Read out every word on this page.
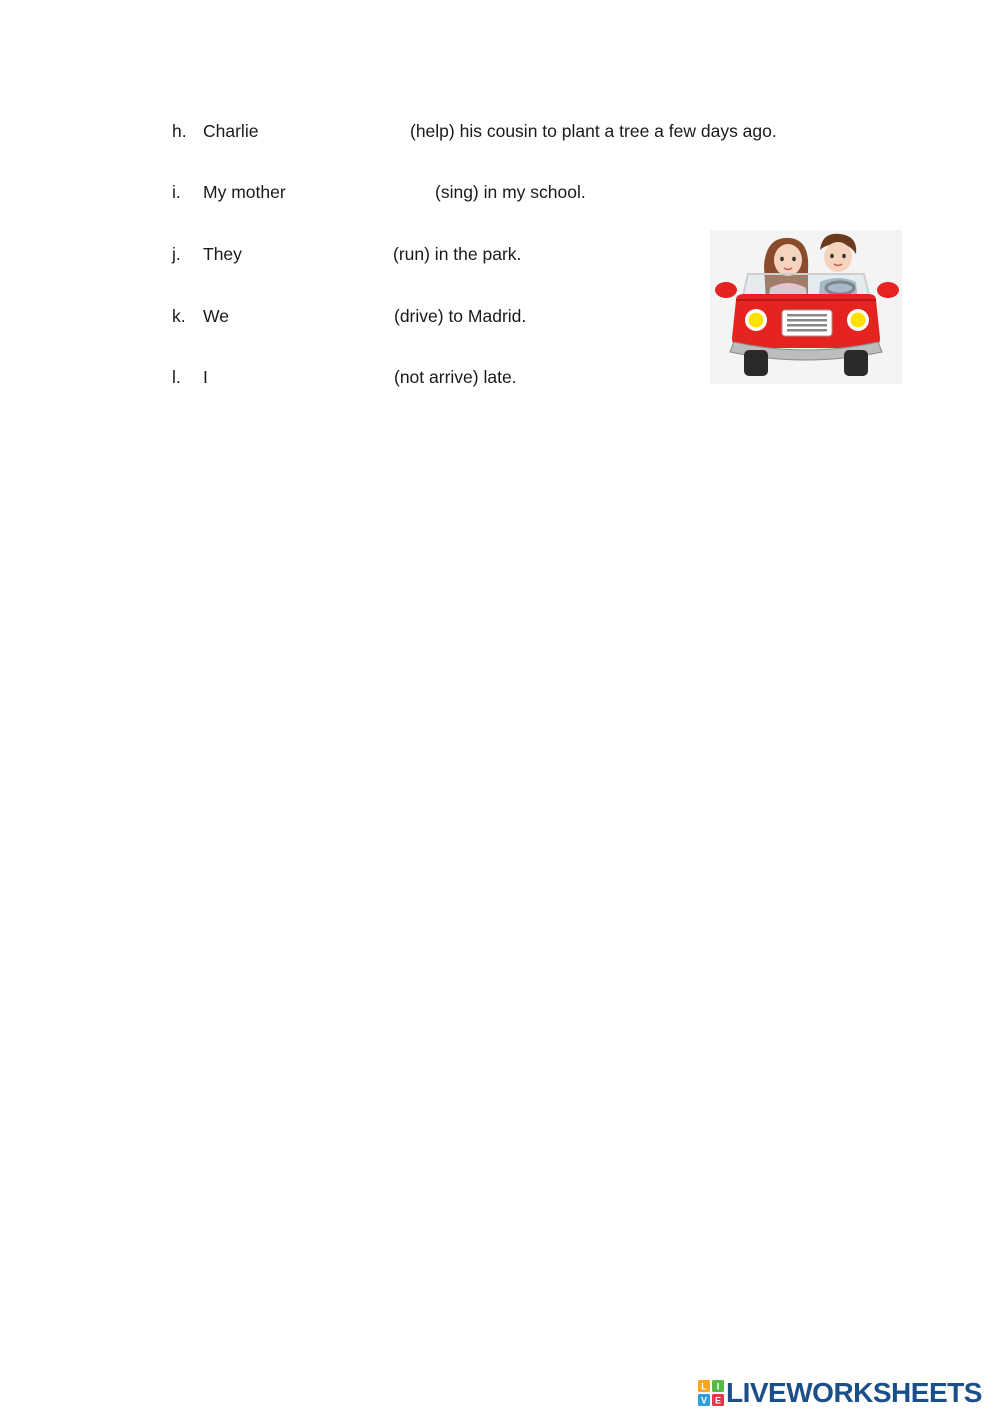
h. Charlie	(help) his cousin to plant a tree a few days ago.
i. My mother	(sing) in my school.
j. They	(run) in the park.
k. We	(drive) to Madrid.
l. I	(not arrive) late.
L I
V E LIVEWORKSHEETS
